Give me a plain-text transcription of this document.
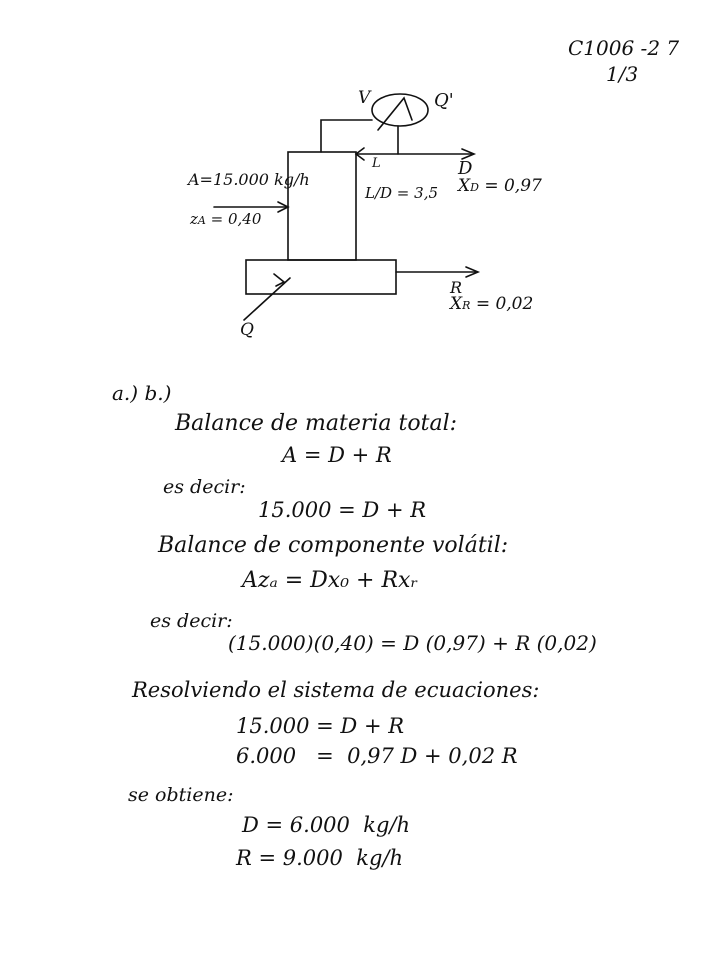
C1006 -2 7
1/3
V	Q'
L	D
XD = 0,97
L/D = 3,5
A=15.000 kg/h
zA = 0,40
R
XR = 0,02
Q
a.) b.)
Balance de materia total:
A = D + R
es decir:
15.000 = D + R
Balance de componente volátil:
Azₐ = Dx₀ + Rxᵣ
es decir:
(15.000)(0,40) = D (0,97) + R (0,02)
Resolviendo el sistema de ecuaciones:
15.000 = D + R
6.000   =  0,97 D + 0,02 R
se obtiene:
D = 6.000  kg/h
R = 9.000  kg/h
